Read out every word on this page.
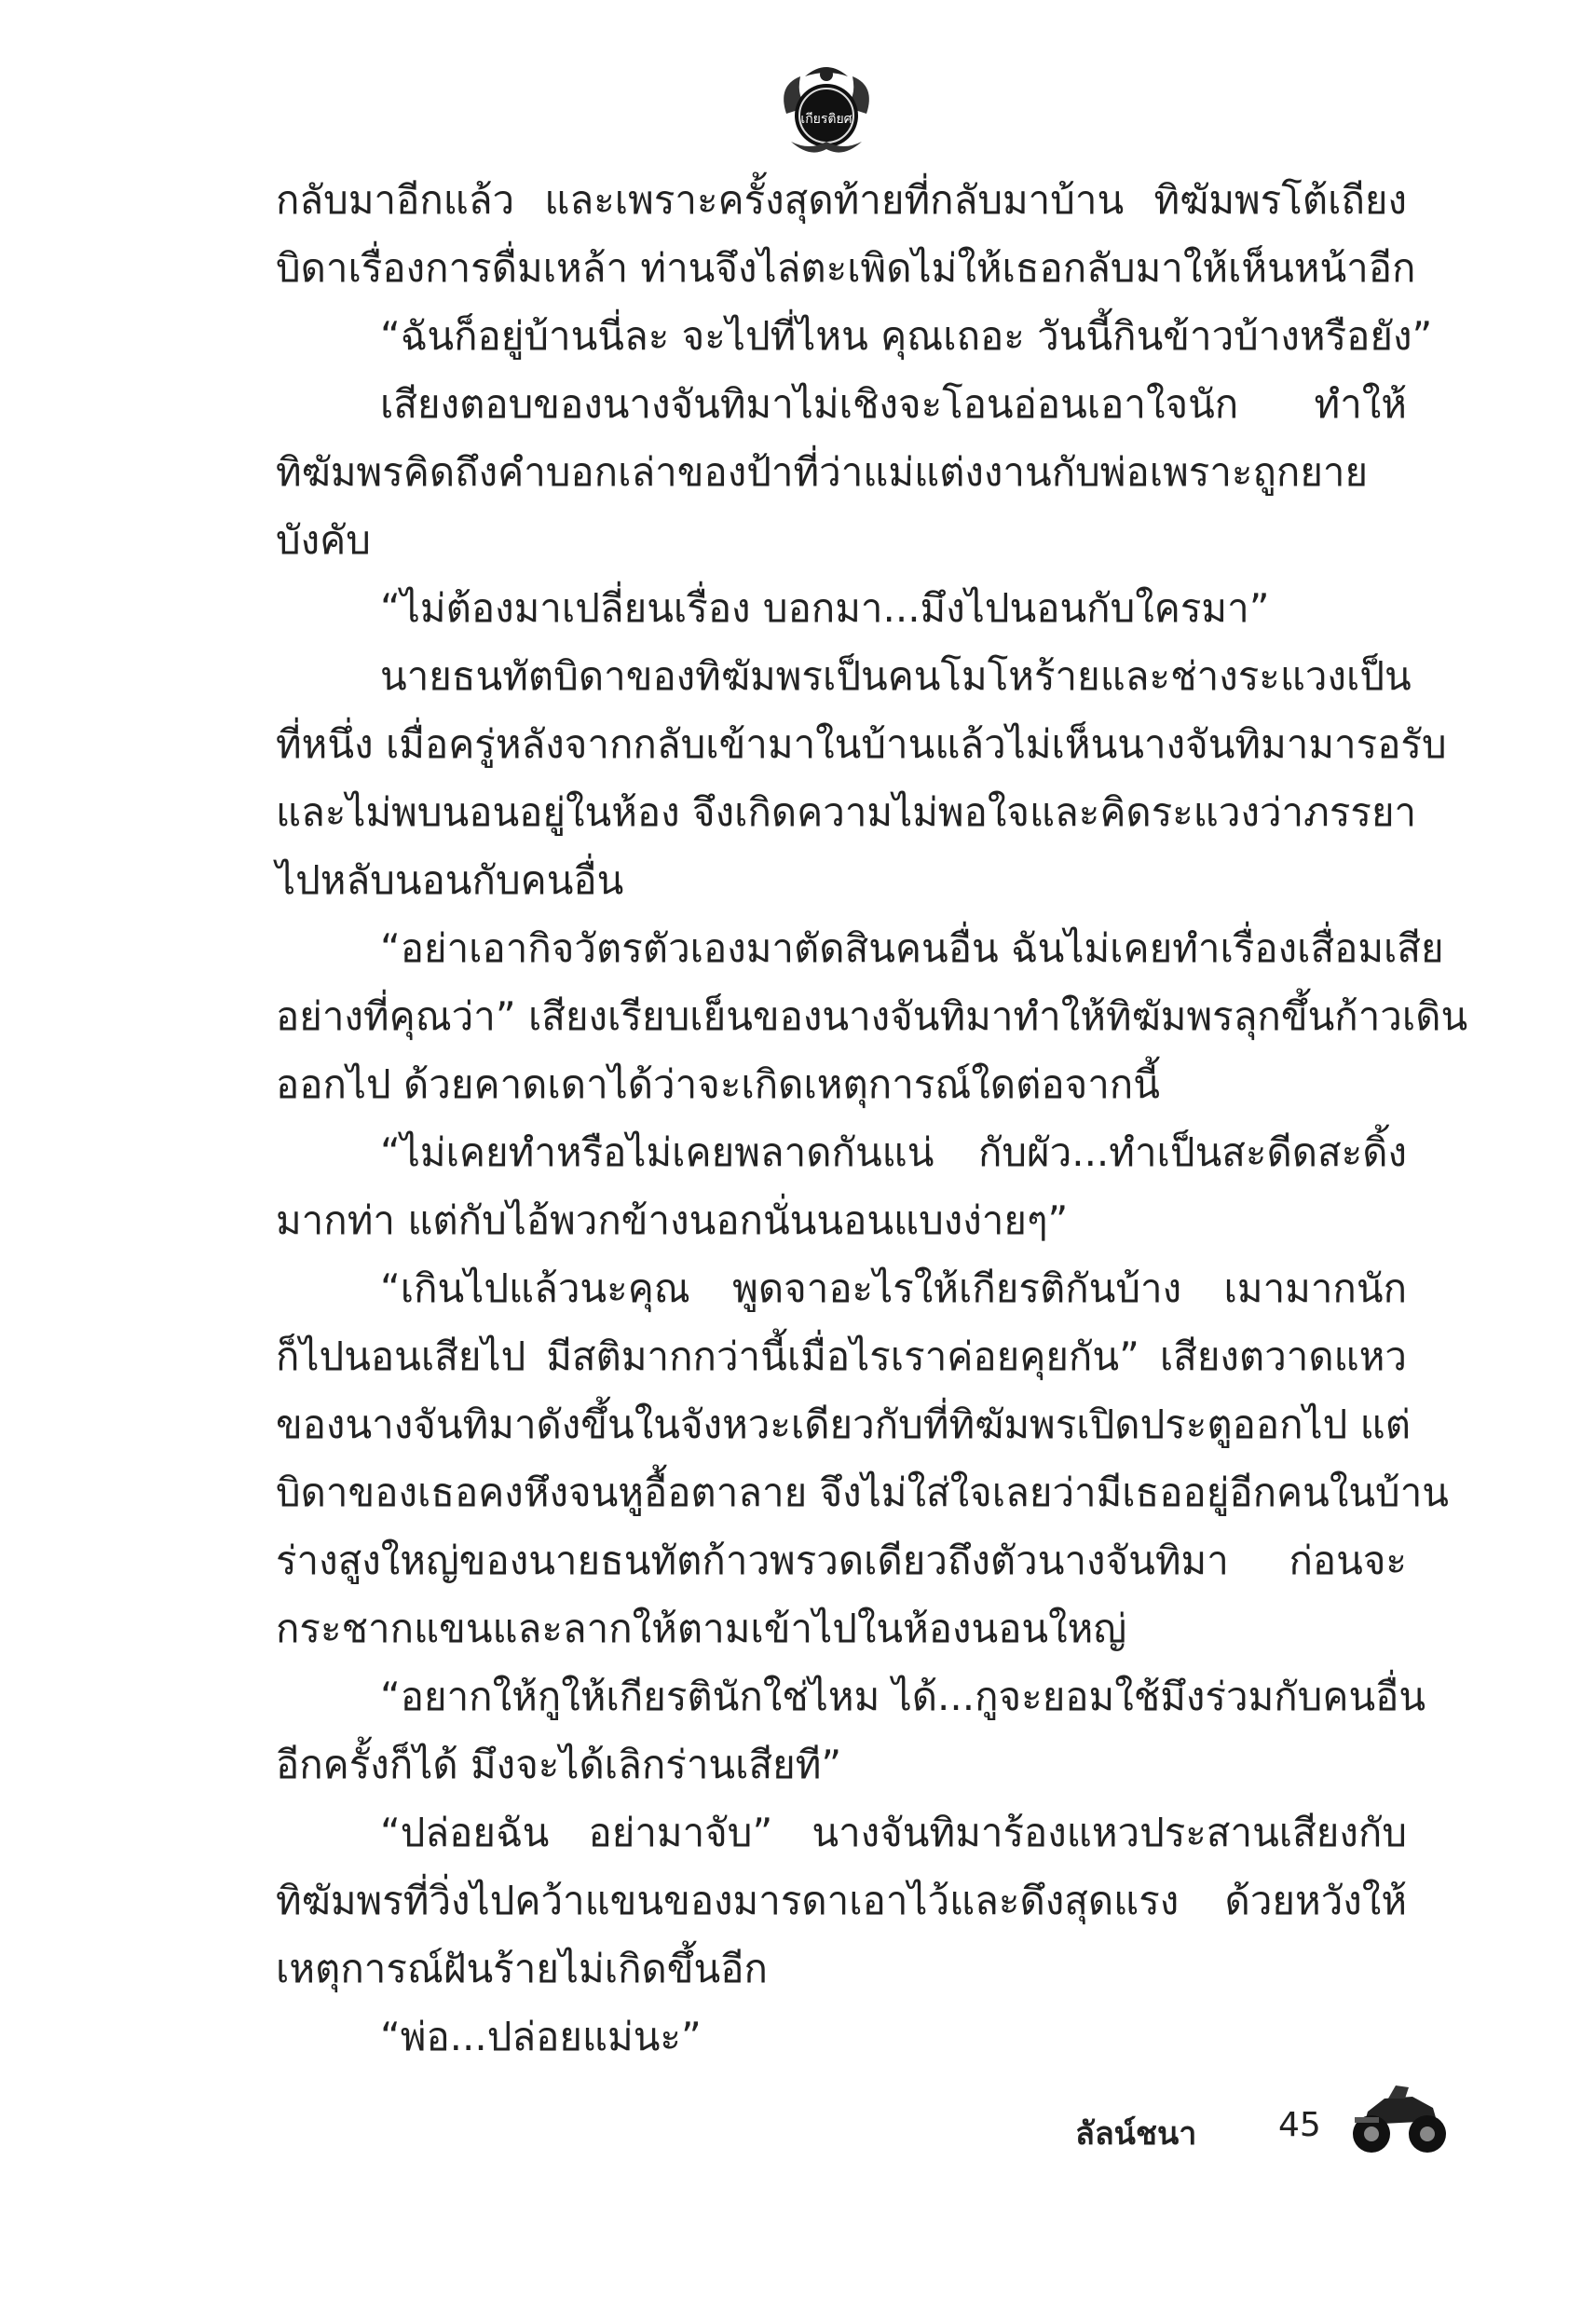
เกียรติยศ
กลับมาอีกแล้ว และเพราะครั้งสุดท้ายที่กลับมาบ้าน ทิฆัมพรโต้เถียง
บิดาเรื่องการดื่มเหล้า ท่านจึงไล่ตะเพิดไม่ให้เธอกลับมาให้เห็นหน้าอีก
“ฉันก็อยู่บ้านนี่ละ จะไปที่ไหน คุณเถอะ วันนี้กินข้าวบ้างหรือยัง”
เสียงตอบของนางจันทิมาไม่เชิงจะโอนอ่อนเอาใจนัก ทำให้
ทิฆัมพรคิดถึงคำบอกเล่าของป้าที่ว่าแม่แต่งงานกับพ่อเพราะถูกยาย
บังคับ
“ไม่ต้องมาเปลี่ยนเรื่อง บอกมา...มึงไปนอนกับใครมา”
นายธนทัตบิดาของทิฆัมพรเป็นคนโมโหร้ายและช่างระแวงเป็น
ที่หนึ่ง เมื่อครู่หลังจากกลับเข้ามาในบ้านแล้วไม่เห็นนางจันทิมามารอรับ
และไม่พบนอนอยู่ในห้อง จึงเกิดความไม่พอใจและคิดระแวงว่าภรรยา
ไปหลับนอนกับคนอื่น
“อย่าเอากิจวัตรตัวเองมาตัดสินคนอื่น ฉันไม่เคยทำเรื่องเสื่อมเสีย
อย่างที่คุณว่า” เสียงเรียบเย็นของนางจันทิมาทำให้ทิฆัมพรลุกขึ้นก้าวเดิน
ออกไป ด้วยคาดเดาได้ว่าจะเกิดเหตุการณ์ใดต่อจากนี้
“ไม่เคยทำหรือไม่เคยพลาดกันแน่ กับผัว...ทำเป็นสะดีดสะดิ้ง
มากท่า แต่กับไอ้พวกข้างนอกนั่นนอนแบงง่ายๆ”
“เกินไปแล้วนะคุณ พูดจาอะไรให้เกียรติกันบ้าง เมามากนัก
ก็ไปนอนเสียไป มีสติมากกว่านี้เมื่อไรเราค่อยคุยกัน” เสียงตวาดแหว
ของนางจันทิมาดังขึ้นในจังหวะเดียวกับที่ทิฆัมพรเปิดประตูออกไป แต่
บิดาของเธอคงหึงจนหูอื้อตาลาย จึงไม่ใส่ใจเลยว่ามีเธออยู่อีกคนในบ้าน
ร่างสูงใหญ่ของนายธนทัตก้าวพรวดเดียวถึงตัวนางจันทิมา ก่อนจะ
กระชากแขนและลากให้ตามเข้าไปในห้องนอนใหญ่
“อยากให้กูให้เกียรตินักใช่ไหม ได้...กูจะยอมใช้มึงร่วมกับคนอื่น
อีกครั้งก็ได้ มึงจะได้เลิกร่านเสียที”
“ปล่อยฉัน อย่ามาจับ” นางจันทิมาร้องแหวประสานเสียงกับ
ทิฆัมพรที่วิ่งไปคว้าแขนของมารดาเอาไว้และดึงสุดแรง ด้วยหวังให้
เหตุการณ์ฝันร้ายไม่เกิดขึ้นอีก
“พ่อ...ปล่อยแม่นะ”
ลัลน์ชนา 45
